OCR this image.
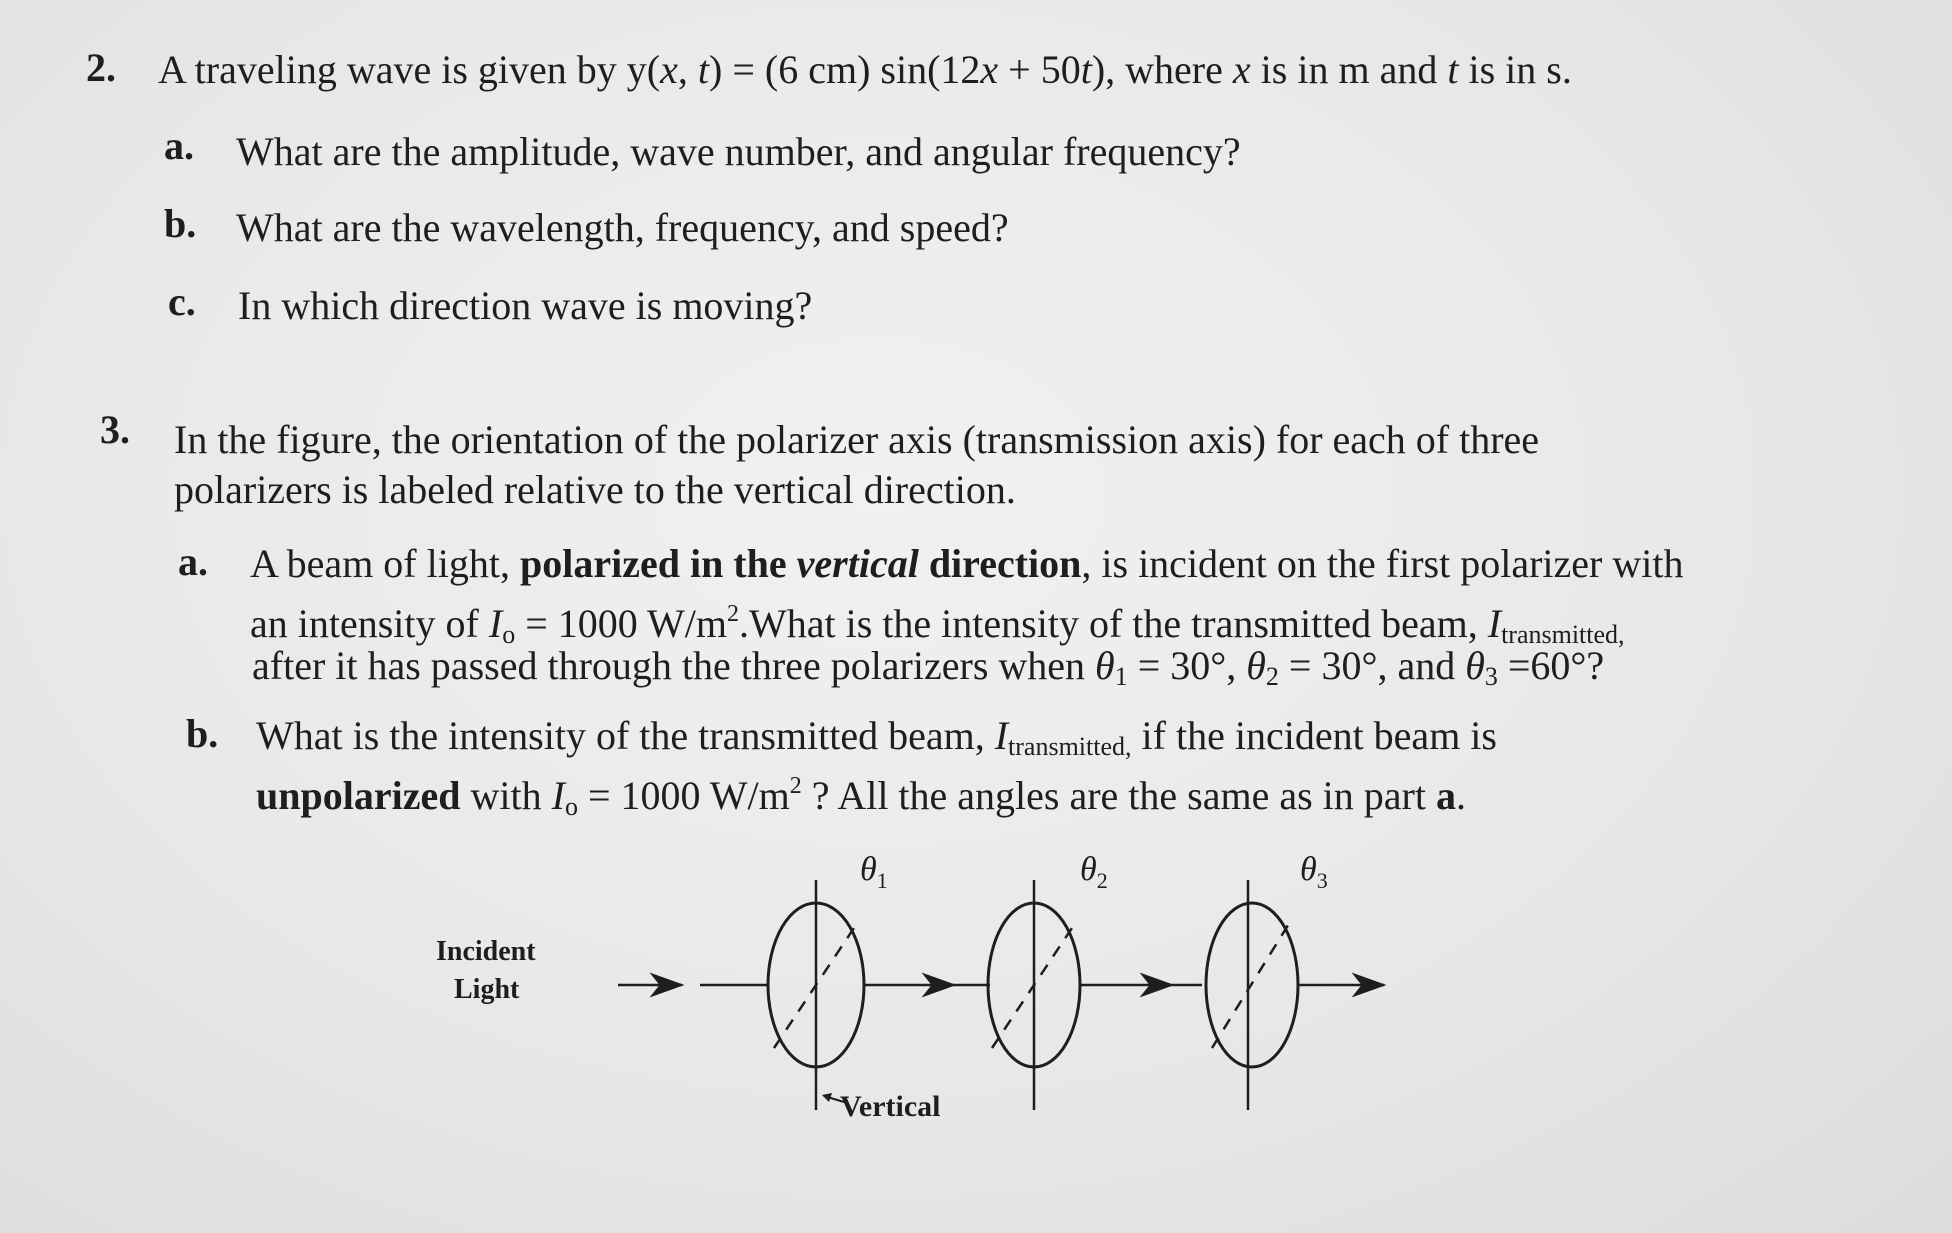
2. A traveling wave is given by y(x, t) = (6 cm) sin(12x + 50t), where x is in m and t is in s.
a. What are the amplitude, wave number, and angular frequency?
b. What are the wavelength, frequency, and speed?
c. In which direction wave is moving?
3. In the figure, the orientation of the polarizer axis (transmission axis) for each of three
polarizers is labeled relative to the vertical direction.
a. A beam of light, polarized in the vertical direction, is incident on the first polarizer with
an intensity of $I_o = 1000$ $W/m^2.What$ is the intensity of the transmitted beam, $I_{transmitted,}$
after it has passed through the three polarizers when $\theta_1 = 30^\circ$, $\theta_2 = 30^\circ$, and $\theta_3 =60^\circ$?
b. What is the intensity of the transmitted beam, $I_{transmitted,}$ if the incident beam is
unpolarized with $I_o = 1000$ $W/m^2$ ? All the angles are the same as in part a.
$\theta_1$	$\theta_2$	$\theta_3$
Incident
Light
Vertical
